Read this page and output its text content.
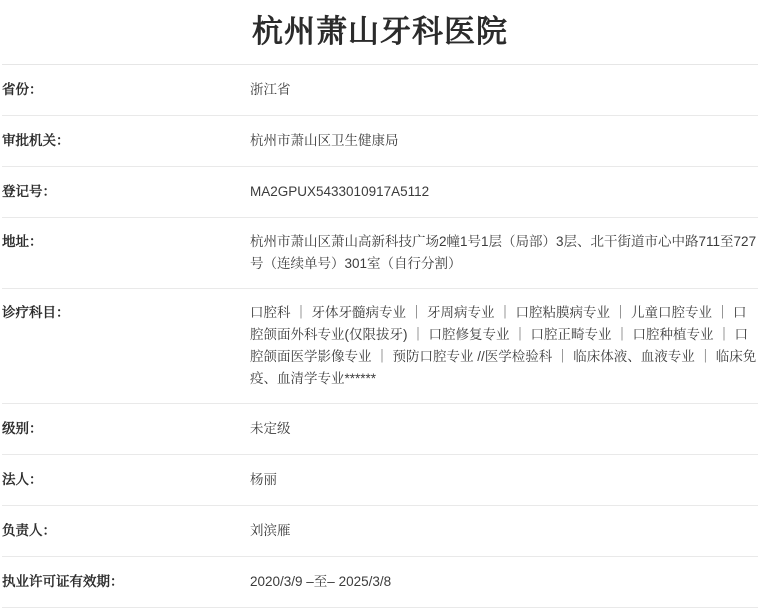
杭州萧山牙科医院
省份：	浙江省
审批机关：	杭州市萧山区卫生健康局
登记号：	MA2GPUX5433010917A5112
地址：	杭州市萧山区萧山高新科技广场2幢1号1层（局部）3层、北干街道市心中路711至727号（连续单号）301室（自行分割）
诊疗科目：	口腔科 ｜ 牙体牙髓病专业 ｜ 牙周病专业 ｜ 口腔粘膜病专业 ｜ 儿童口腔专业 ｜ 口腔颌面外科专业(仅限拔牙) ｜ 口腔修复专业 ｜ 口腔正畸专业 ｜ 口腔种植专业 ｜ 口腔颌面医学影像专业 ｜ 预防口腔专业 //医学检验科 ｜ 临床体液、血液专业 ｜ 临床免疫、血清学专业******
级别：	未定级
法人：	杨丽
负责人：	刘滨雁
执业许可证有效期：	2020/3/9 –至– 2025/3/8
